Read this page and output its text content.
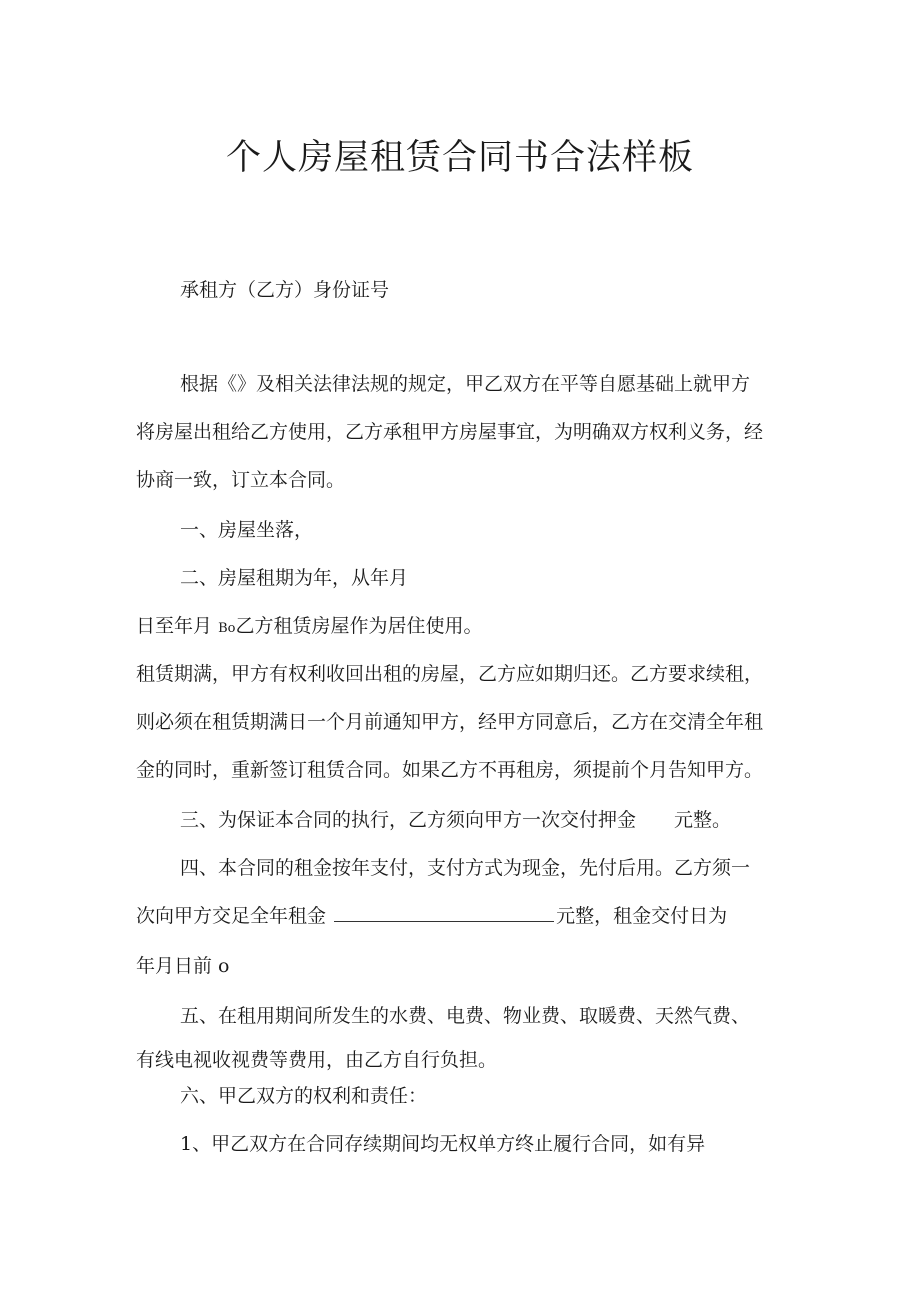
个人房屋租赁合同书合法样板
承租方（乙方）身份证号
根据《》及相关法律法规的规定，甲乙双方在平等自愿基础上就甲方
将房屋出租给乙方使用，乙方承租甲方房屋事宜，为明确双方权利义务，经
协商一致，订立本合同。
一、房屋坐落，
二、房屋租期为年，从年月
日至年月 Bo乙方租赁房屋作为居住使用。
租赁期满，甲方有权利收回出租的房屋，乙方应如期归还。乙方要求续租，
则必须在租赁期满日一个月前通知甲方，经甲方同意后，乙方在交清全年租
金的同时，重新签订租赁合同。如果乙方不再租房，须提前个月告知甲方。
三、为保证本合同的执行，乙方须向甲方一次交付押金　　元整。
四、本合同的租金按年支付，支付方式为现金，先付后用。乙方须一
次向甲方交足全年租金	元整，租金交付日为
年月日前 o
五、在租用期间所发生的水费、电费、物业费、取暖费、天然气费、
有线电视收视费等费用，由乙方自行负担。
六、甲乙双方的权利和责任：
1、甲乙双方在合同存续期间均无权单方终止履行合同，如有异
